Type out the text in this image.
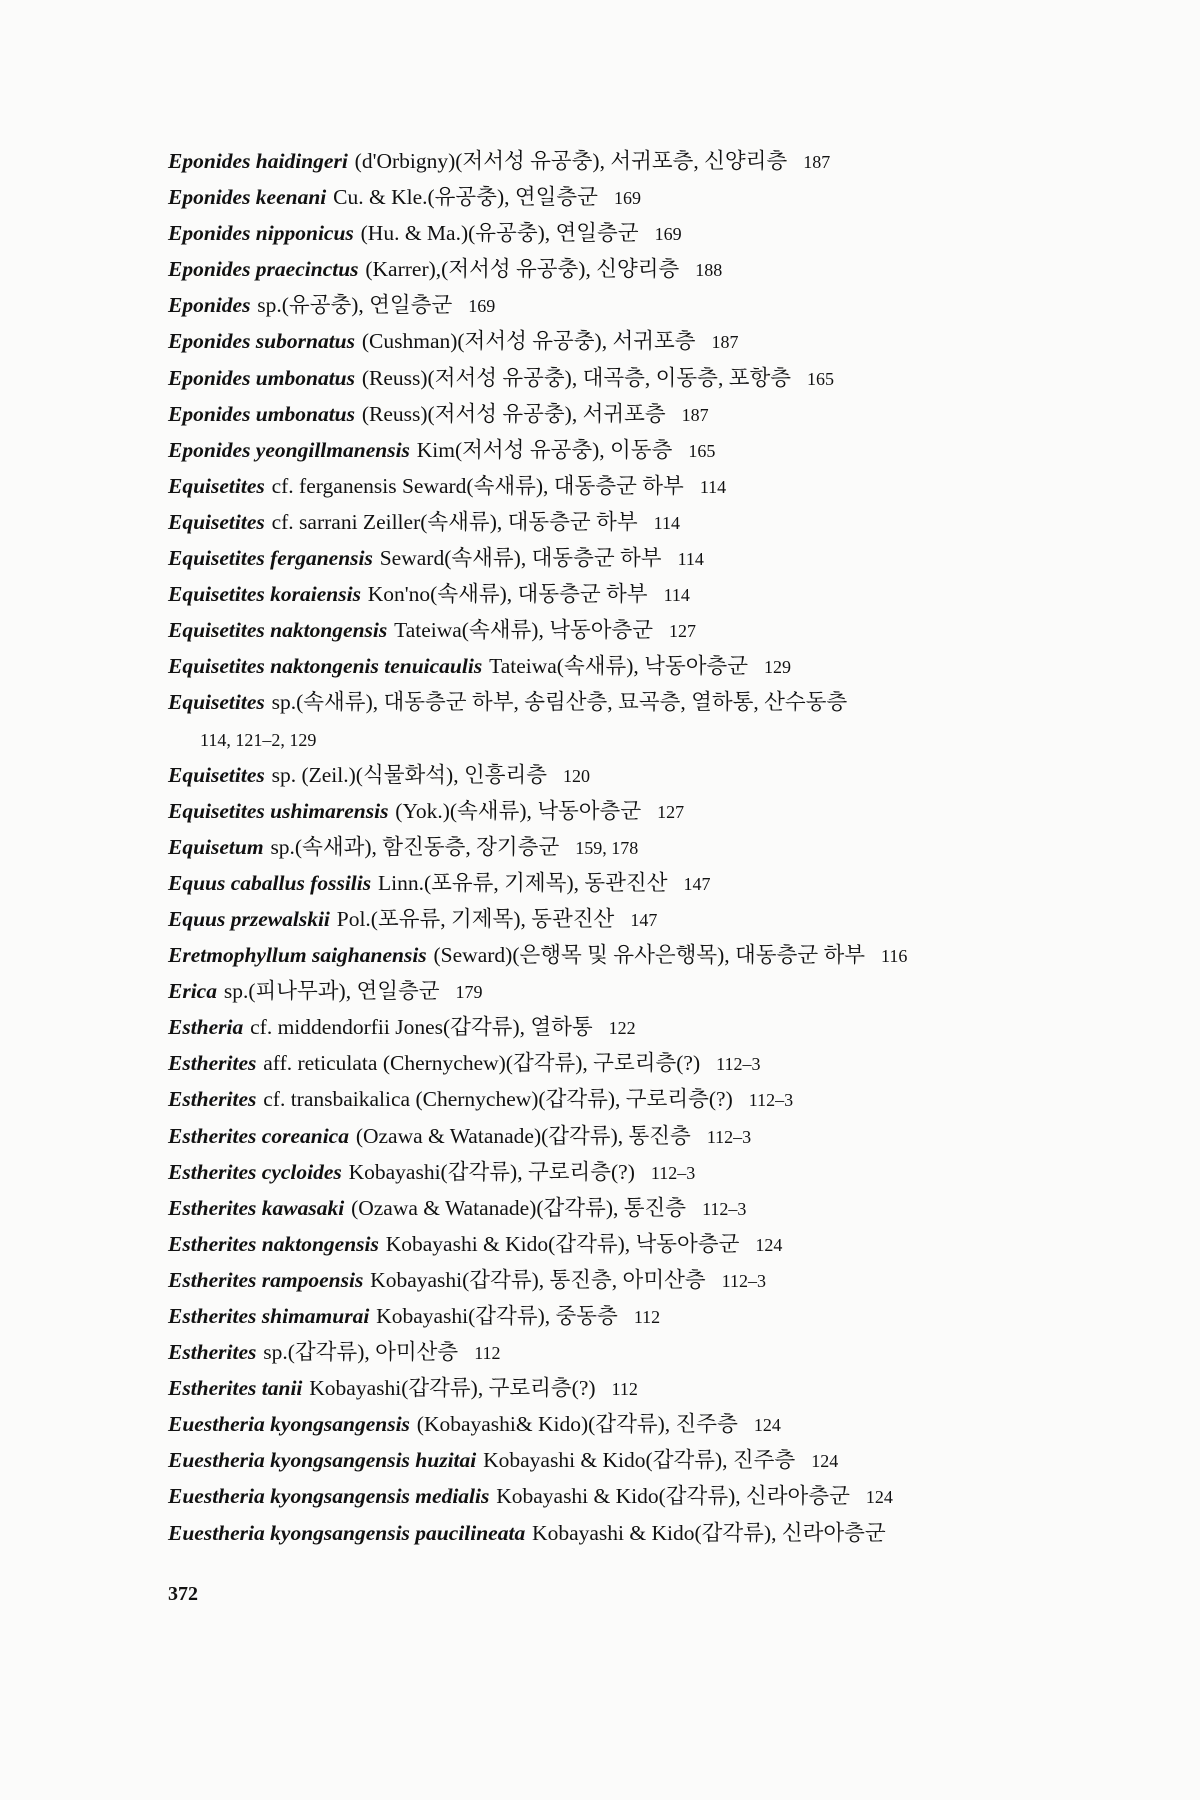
Eponides haidingeri (d'Orbigny)(저서성 유공충), 서귀포층, 신양리층 187
Eponides keenani Cu. & Kle.(유공충), 연일층군 169
Eponides nipponicus (Hu. & Ma.)(유공충), 연일층군 169
Eponides praecinctus (Karrer),(저서성 유공충), 신양리층 188
Eponides sp.(유공충), 연일층군 169
Eponides subornatus (Cushman)(저서성 유공충), 서귀포층 187
Eponides umbonatus (Reuss)(저서성 유공충), 대곡층, 이동층, 포항층 165
Eponides umbonatus (Reuss)(저서성 유공충), 서귀포층 187
Eponides yeongillmanensis Kim(저서성 유공충), 이동층 165
Equisetites cf. ferganensis Seward(속새류), 대동층군 하부 114
Equisetites cf. sarrani Zeiller(속새류), 대동층군 하부 114
Equisetites ferganensis Seward(속새류), 대동층군 하부 114
Equisetites koraiensis Kon'no(속새류), 대동층군 하부 114
Equisetites naktongensis Tateiwa(속새류), 낙동아층군 127
Equisetites naktongenis tenuicaulis Tateiwa(속새류), 낙동아층군 129
Equisetites sp.(속새류), 대동층군 하부, 송림산층, 묘곡층, 열하통, 산수동층
114, 121–2, 129
Equisetites sp. (Zeil.)(식물화석), 인흥리층 120
Equisetites ushimarensis (Yok.)(속새류), 낙동아층군 127
Equisetum sp.(속새과), 함진동층, 장기층군 159, 178
Equus caballus fossilis Linn.(포유류, 기제목), 동관진산 147
Equus przewalskii Pol.(포유류, 기제목), 동관진산 147
Eretmophyllum saighanensis (Seward)(은행목 및 유사은행목), 대동층군 하부 116
Erica sp.(피나무과), 연일층군 179
Estheria cf. middendorfii Jones(갑각류), 열하통 122
Estherites aff. reticulata (Chernychew)(갑각류), 구로리층(?) 112–3
Estherites cf. transbaikalica (Chernychew)(갑각류), 구로리층(?) 112–3
Estherites coreanica (Ozawa & Watanade)(갑각류), 통진층 112–3
Estherites cycloides Kobayashi(갑각류), 구로리층(?) 112–3
Estherites kawasaki (Ozawa & Watanade)(갑각류), 통진층 112–3
Estherites naktongensis Kobayashi & Kido(갑각류), 낙동아층군 124
Estherites rampoensis Kobayashi(갑각류), 통진층, 아미산층 112–3
Estherites shimamurai Kobayashi(갑각류), 중동층 112
Estherites sp.(갑각류), 아미산층 112
Estherites tanii Kobayashi(갑각류), 구로리층(?) 112
Euestheria kyongsangensis (Kobayashi& Kido)(갑각류), 진주층 124
Euestheria kyongsangensis huzitai Kobayashi & Kido(갑각류), 진주층 124
Euestheria kyongsangensis medialis Kobayashi & Kido(갑각류), 신라아층군 124
Euestheria kyongsangensis paucilineata Kobayashi & Kido(갑각류), 신라아층군
372
